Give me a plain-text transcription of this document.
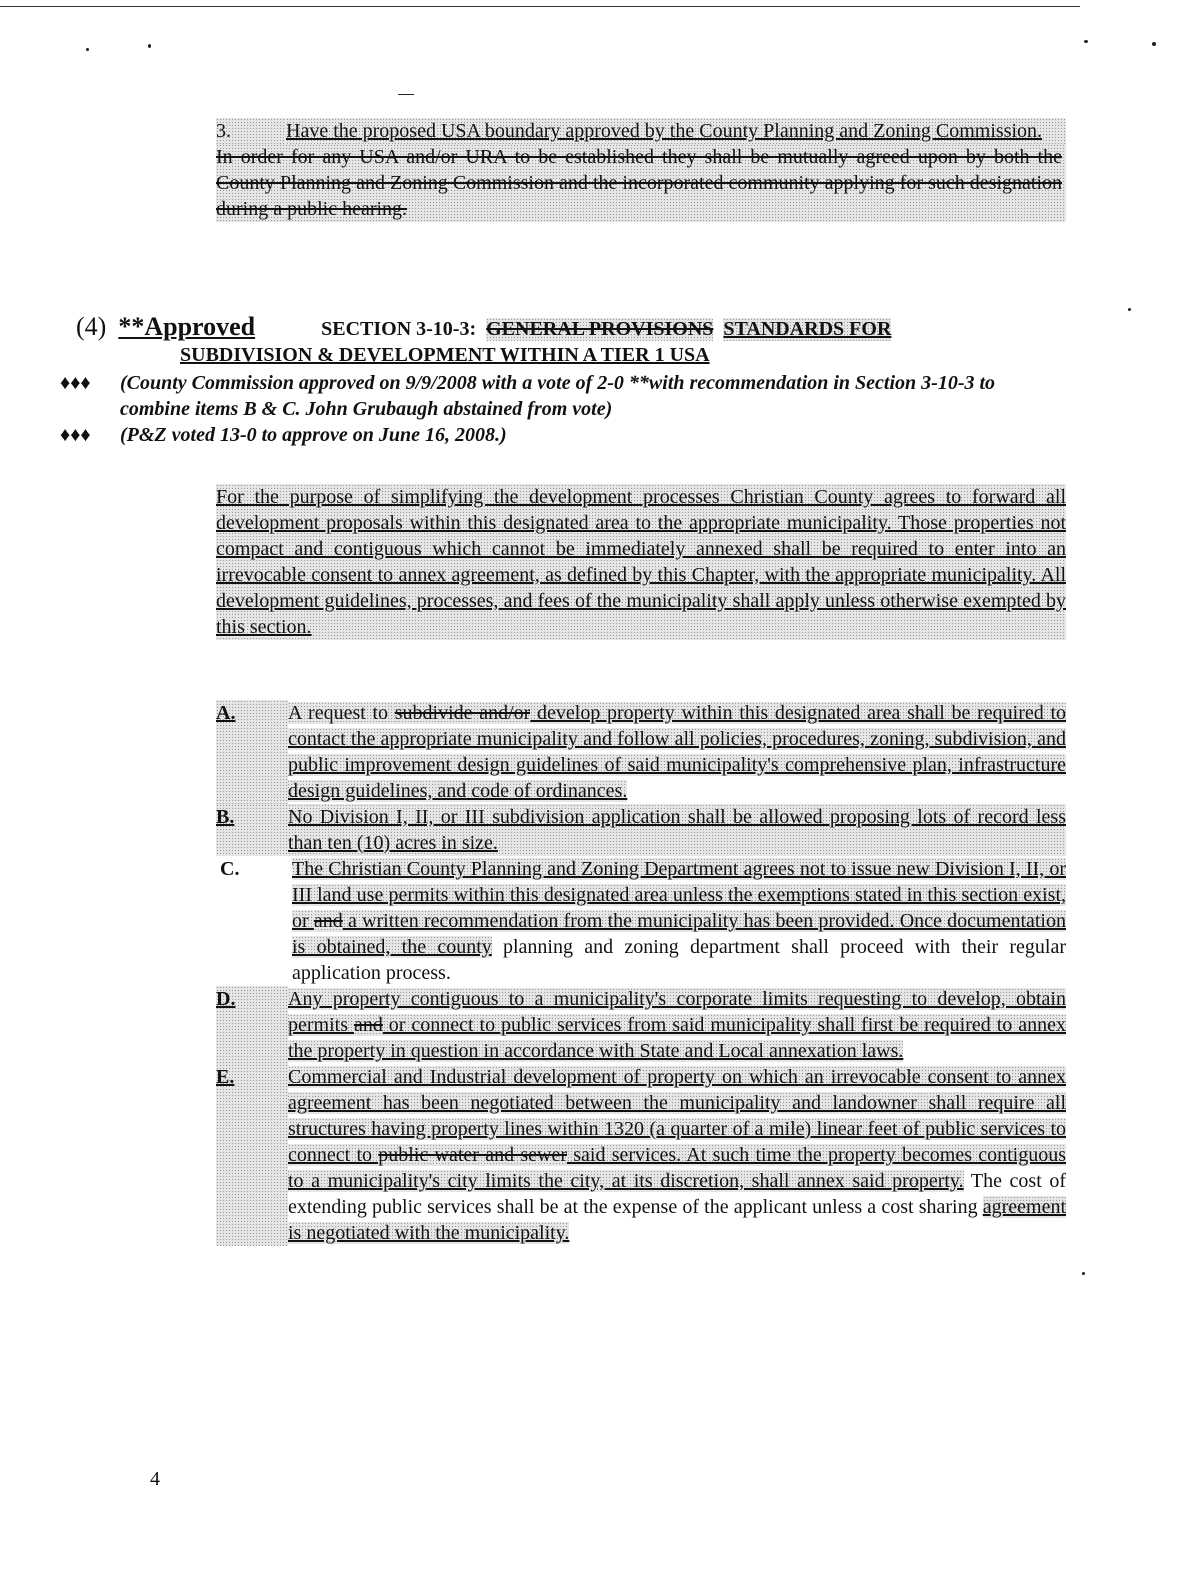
3.	Have the proposed USA boundary approved by the County Planning and Zoning Commission.
In order for any USA and/or URA to be established they shall be mutually agreed upon by both the County Planning and Zoning Commission and the incorporated community applying for such designation during a public hearing.
(4) **Approved	SECTION 3-10-3: GENERAL PROVISIONS STANDARDS FOR
SUBDIVISION & DEVELOPMENT WITHIN A TIER 1 USA
♦♦♦	(County Commission approved on 9/9/2008 with a vote of 2-0 **with recommendation in Section 3-10-3 to combine items B & C. John Grubaugh abstained from vote)
♦♦♦	(P&Z voted 13-0 to approve on June 16, 2008.)
For the purpose of simplifying the development processes Christian County agrees to forward all development proposals within this designated area to the appropriate municipality. Those properties not compact and contiguous which cannot be immediately annexed shall be required to enter into an irrevocable consent to annex agreement, as defined by this Chapter, with the appropriate municipality. All development guidelines, processes, and fees of the municipality shall apply unless otherwise exempted by this section.
A.	A request to subdivide and/or develop property within this designated area shall be required to contact the appropriate municipality and follow all policies, procedures, zoning, subdivision, and public improvement design guidelines of said municipality's comprehensive plan, infrastructure design guidelines, and code of ordinances.
B.	No Division I, II, or III subdivision application shall be allowed proposing lots of record less than ten (10) acres in size.
C.	The Christian County Planning and Zoning Department agrees not to issue new Division I, II, or III land use permits within this designated area unless the exemptions stated in this section exist, or and a written recommendation from the municipality has been provided. Once documentation is obtained, the county planning and zoning department shall proceed with their regular application process.
D.	Any property contiguous to a municipality's corporate limits requesting to develop, obtain permits and or connect to public services from said municipality shall first be required to annex the property in question in accordance with State and Local annexation laws.
E.	Commercial and Industrial development of property on which an irrevocable consent to annex agreement has been negotiated between the municipality and landowner shall require all structures having property lines within 1320 (a quarter of a mile) linear feet of public services to connect to public water and sewer said services. At such time the property becomes contiguous to a municipality's city limits the city, at its discretion, shall annex said property. The cost of extending public services shall be at the expense of the applicant unless a cost sharing agreement is negotiated with the municipality.
4
